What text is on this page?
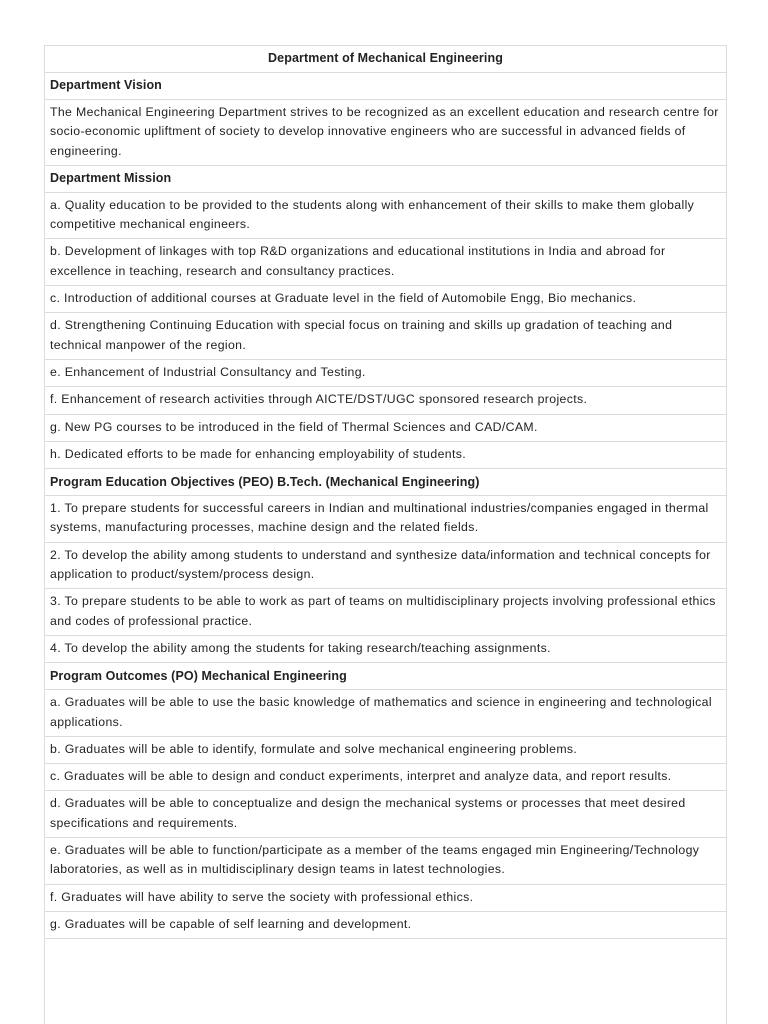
Department of Mechanical Engineering
Department Vision
The Mechanical Engineering Department strives to be recognized as an excellent education and research centre for socio-economic upliftment of society to develop innovative engineers who are successful in advanced fields of engineering.
Department Mission
a. Quality education to be provided to the students along with enhancement of their skills to make them globally competitive mechanical engineers.
b. Development of linkages with top R&D organizations and educational institutions in India and abroad for excellence in teaching, research and consultancy practices.
c. Introduction of additional courses at Graduate level in the field of Automobile Engg, Bio mechanics.
d. Strengthening Continuing Education with special focus on training and skills up gradation of teaching and technical manpower of the region.
e. Enhancement of Industrial Consultancy and Testing.
f. Enhancement of research activities through AICTE/DST/UGC sponsored research projects.
g. New PG courses to be introduced in the field of Thermal Sciences and CAD/CAM.
h. Dedicated efforts to be made for enhancing employability of students.
Program Education Objectives (PEO) B.Tech. (Mechanical Engineering)
1. To prepare students for successful careers in Indian and multinational industries/companies engaged in thermal systems, manufacturing processes, machine design and the related fields.
2. To develop the ability among students to understand and synthesize data/information and technical concepts for application to product/system/process design.
3. To prepare students to be able to work as part of teams on multidisciplinary projects involving professional ethics and codes of professional practice.
4. To develop the ability among the students for taking research/teaching assignments.
Program Outcomes (PO) Mechanical Engineering
a. Graduates will be able to use the basic knowledge of mathematics and science in engineering and technological applications.
b. Graduates will be able to identify, formulate and solve mechanical engineering problems.
c. Graduates will be able to design and conduct experiments, interpret and analyze data, and report results.
d. Graduates will be able to conceptualize and design the mechanical systems or processes that meet desired specifications and requirements.
e. Graduates will be able to function/participate as a member of the teams engaged min Engineering/Technology laboratories, as well as in multidisciplinary design teams in latest technologies.
f. Graduates will have ability to serve the society with professional ethics.
g. Graduates will be capable of self learning and development.
